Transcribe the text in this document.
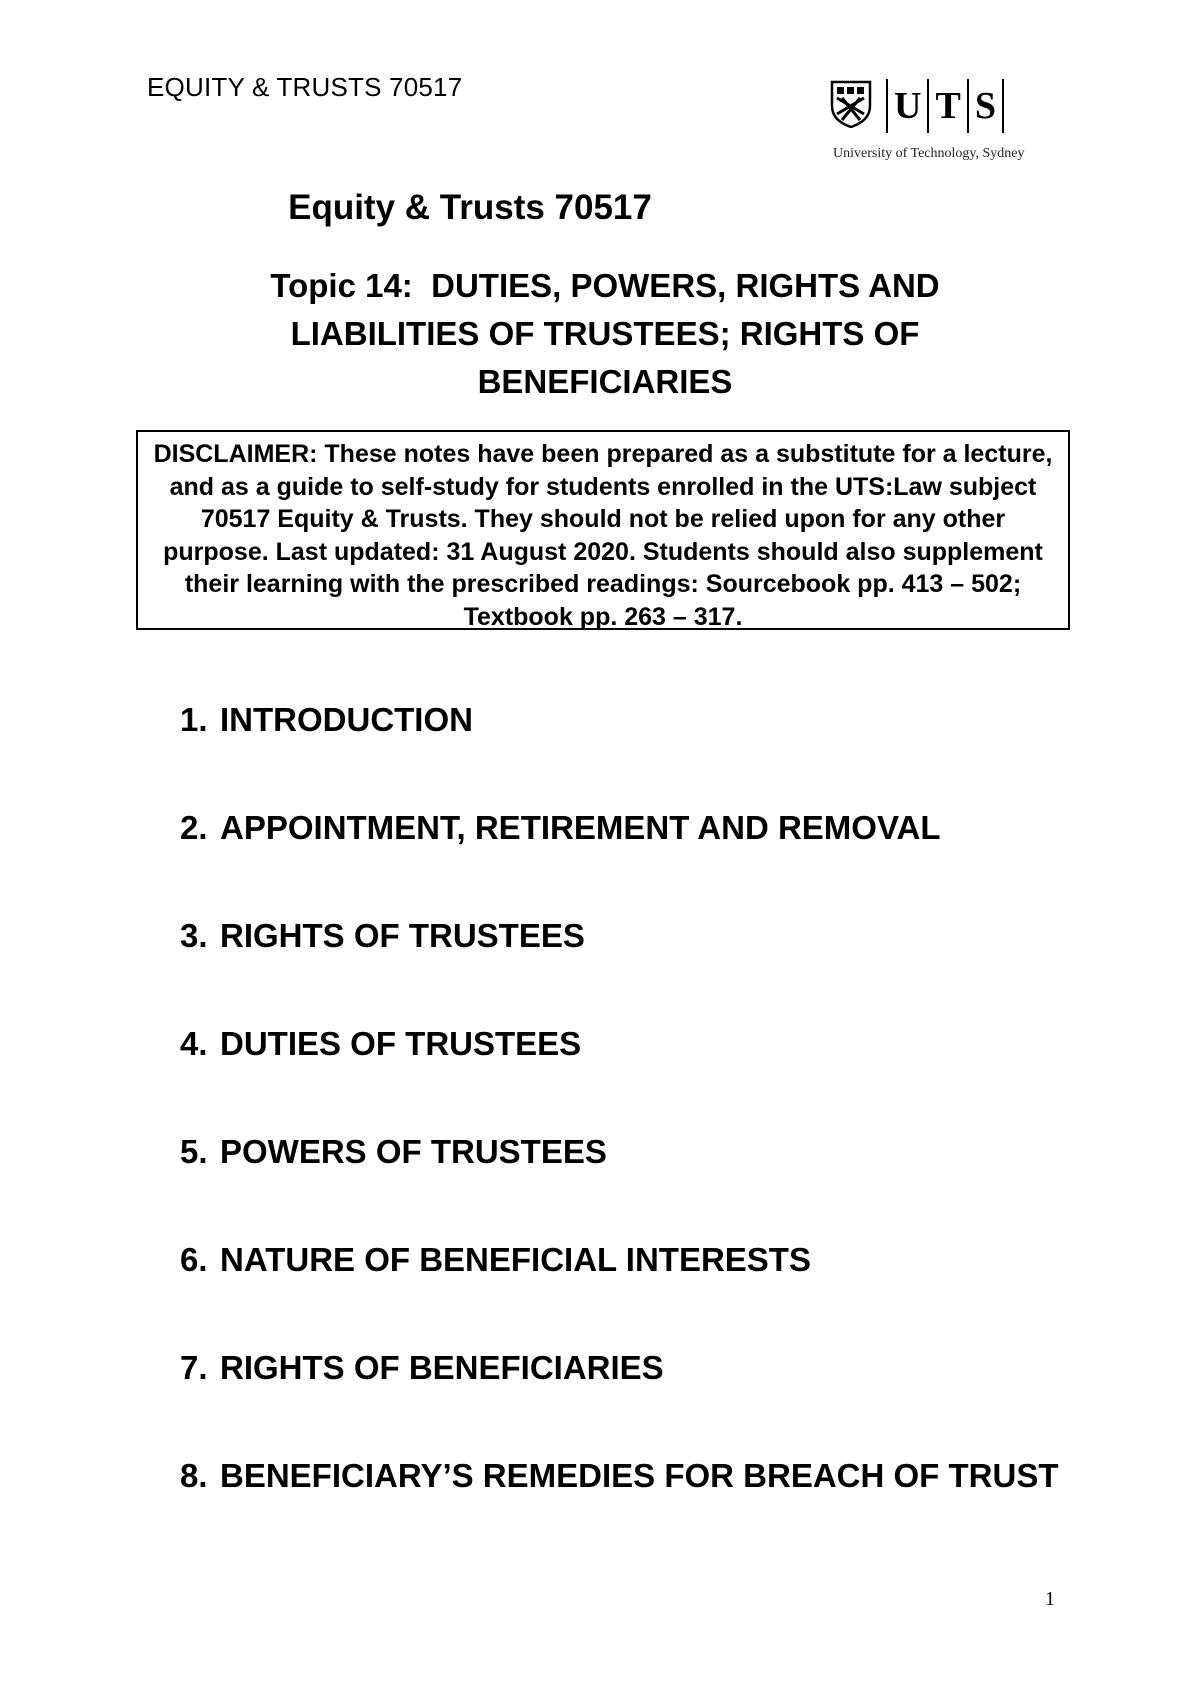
EQUITY & TRUSTS 70517	U T S
University of Technology, Sydney
Equity & Trusts 70517
Topic 14:  DUTIES, POWERS, RIGHTS AND
LIABILITIES OF TRUSTEES; RIGHTS OF
BENEFICIARIES
DISCLAIMER: These notes have been prepared as a substitute for a lecture, and as a guide to self-study for students enrolled in the UTS:Law subject 70517 Equity & Trusts. They should not be relied upon for any other purpose. Last updated: 31 August 2020. Students should also supplement their learning with the prescribed readings: Sourcebook pp. 413 – 502; Textbook pp. 263 – 317.
1. INTRODUCTION
2. APPOINTMENT, RETIREMENT AND REMOVAL
3. RIGHTS OF TRUSTEES
4. DUTIES OF TRUSTEES
5. POWERS OF TRUSTEES
6. NATURE OF BENEFICIAL INTERESTS
7. RIGHTS OF BENEFICIARIES
8. BENEFICIARY’S REMEDIES FOR BREACH OF TRUST
1
